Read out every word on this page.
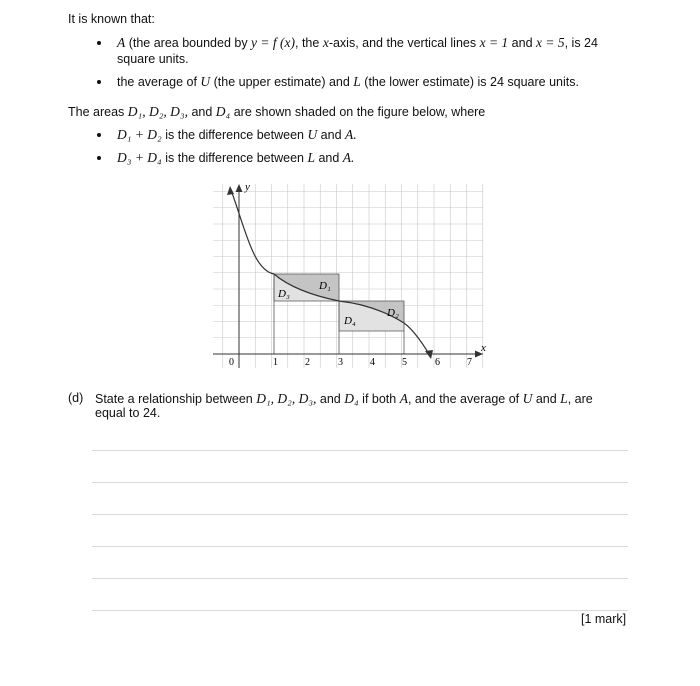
It is known that:
A (the area bounded by y = f (x), the x-axis, and the vertical lines x = 1 and x = 5, is 24
square units.
the average of U (the upper estimate) and L (the lower estimate) is 24 square units.
The areas D₁, D₂, D₃, and D₄ are shown shaded on the figure below, where
D₁ + D₂ is the difference between U and A.
D₃ + D₄ is the difference between L and A.
y
x
0	1	2	3	4	5	6	7
D₁
D₂
D₃
D₄
(d) State a relationship between D₁, D₂, D₃, and D₄ if both A, and the average of U and L, are
equal to 24.
[1 mark]
